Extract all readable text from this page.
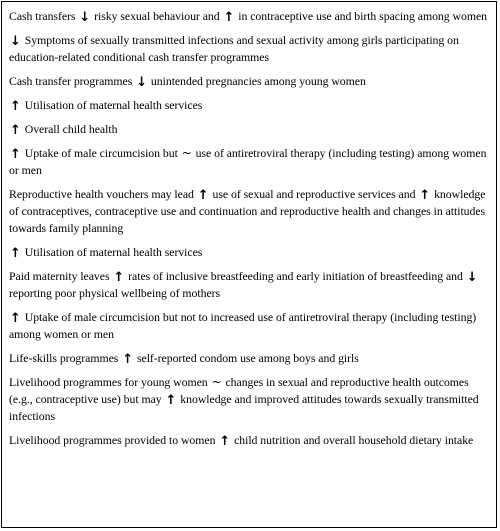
Cash transfers ↓ risky sexual behaviour and ↑ in contraceptive use and birth spacing among women
↓ Symptoms of sexually transmitted infections and sexual activity among girls participating on education-related conditional cash transfer programmes
Cash transfer programmes ↓ unintended pregnancies among young women
↑ Utilisation of maternal health services
↑ Overall child health
↑ Uptake of male circumcision but ~ use of antiretroviral therapy (including testing) among women or men
Reproductive health vouchers may lead ↑ use of sexual and reproductive services and ↑ knowledge of contraceptives, contraceptive use and continuation and reproductive health and changes in attitudes towards family planning
↑ Utilisation of maternal health services
Paid maternity leaves ↑ rates of inclusive breastfeeding and early initiation of breastfeeding and ↓ reporting poor physical wellbeing of mothers
↑ Uptake of male circumcision but not to increased use of antiretroviral therapy (including testing) among women or men
Life-skills programmes ↑ self-reported condom use among boys and girls
Livelihood programmes for young women ~ changes in sexual and reproductive health outcomes (e.g., contraceptive use) but may ↑ knowledge and improved attitudes towards sexually transmitted infections
Livelihood programmes provided to women ↑ child nutrition and overall household dietary intake
